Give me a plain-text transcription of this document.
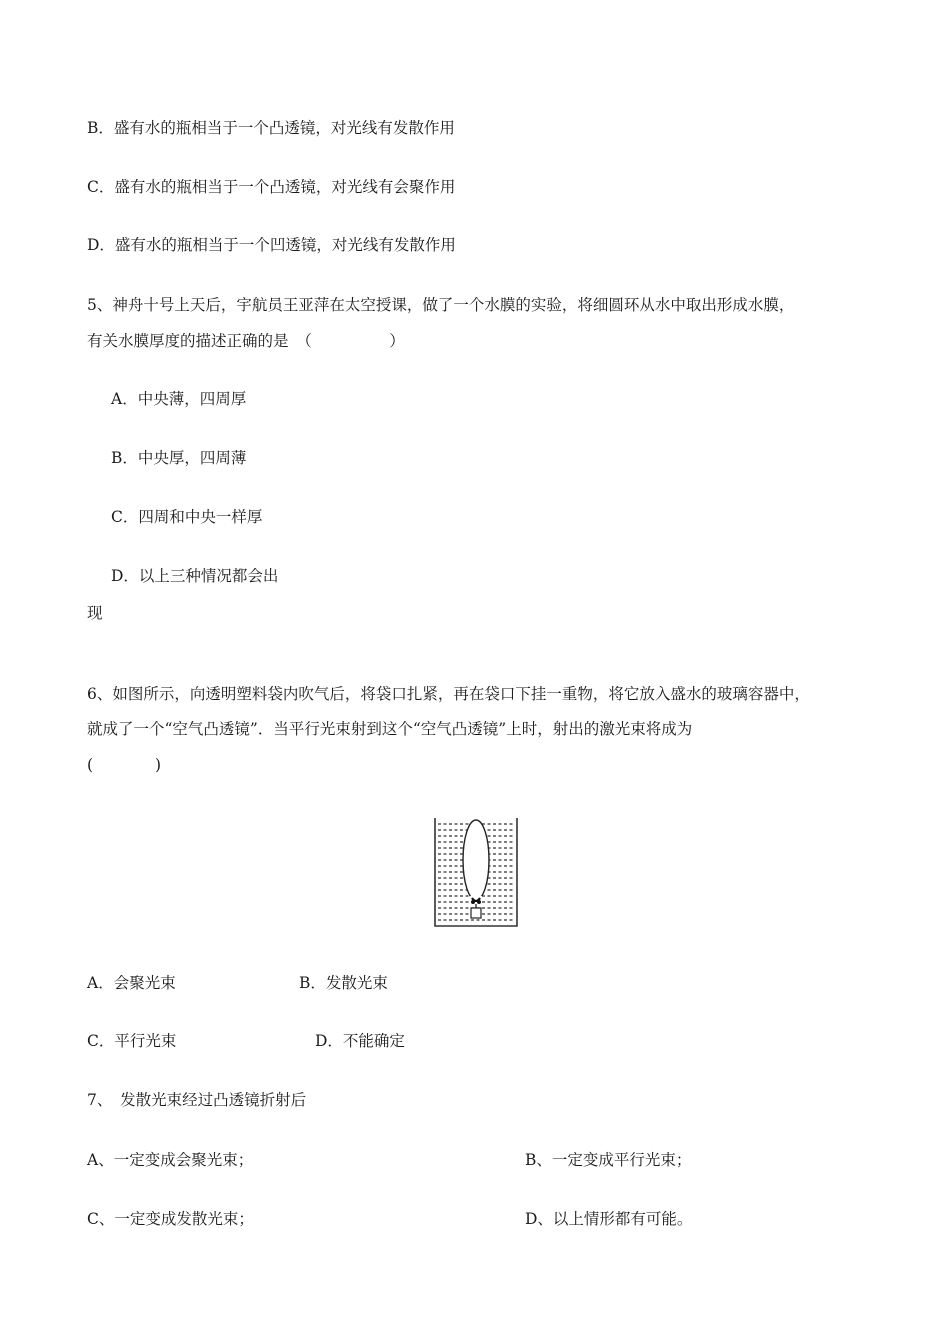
B．盛有水的瓶相当于一个凸透镜，对光线有发散作用
C．盛有水的瓶相当于一个凸透镜，对光线有会聚作用
D．盛有水的瓶相当于一个凹透镜，对光线有发散作用
5、神舟十号上天后，宇航员王亚萍在太空授课，做了一个水膜的实验，将细圆环从水中取出形成水膜，
有关水膜厚度的描述正确的是　（　　　　　）
A．中央薄，四周厚
B．中央厚，四周薄
C．四周和中央一样厚
D．以上三种情况都会出
现
6、如图所示，向透明塑料袋内吹气后，将袋口扎紧，再在袋口下挂一重物，将它放入盛水的玻璃容器中，
就成了一个“空气凸透镜”．当平行光束射到这个“空气凸透镜”上时，射出的激光束将成为
(　　　　)
A．会聚光束	B．发散光束
C．平行光束	D．不能确定
7、　发散光束经过凸透镜折射后
A、一定变成会聚光束；	B、一定变成平行光束；
C、一定变成发散光束；	D、以上情形都有可能。
